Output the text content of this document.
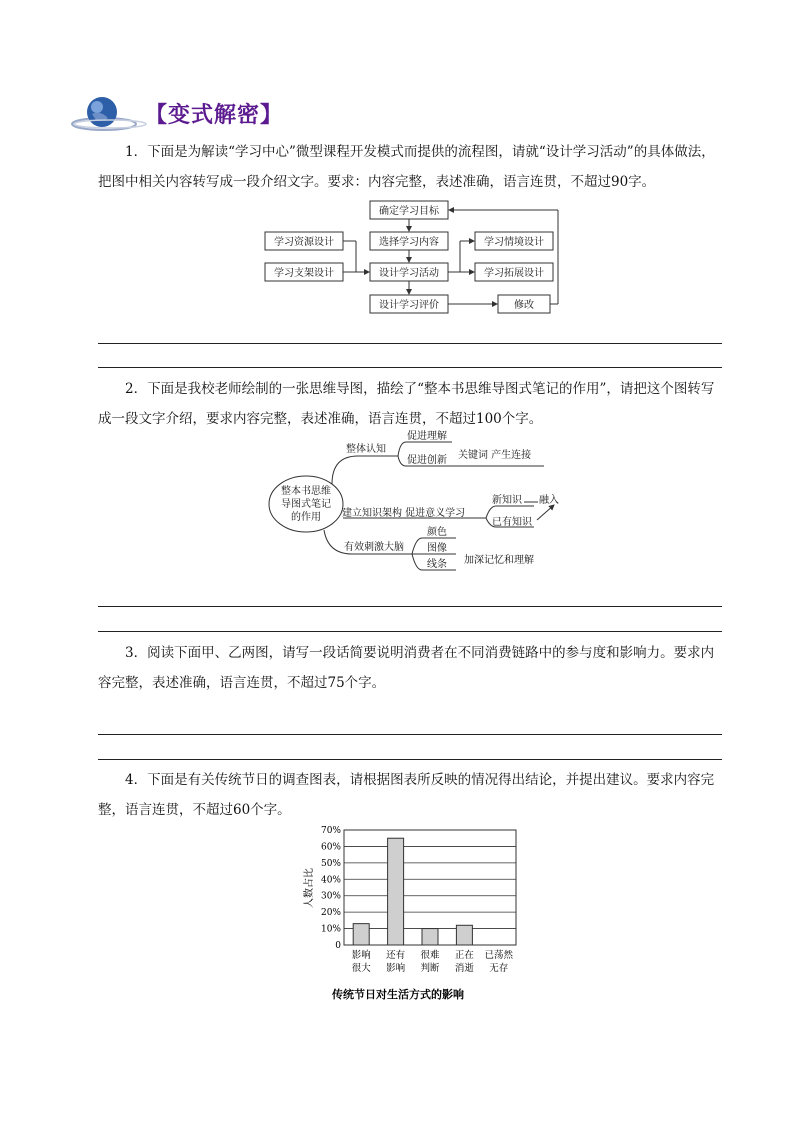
【变式解密】
1．下面是为解读“学习中心”微型课程开发模式而提供的流程图，请就“设计学习活动”的具体做法，把图中相关内容转写成一段介绍文字。要求：内容完整，表述准确，语言连贯，不超过90字。
确定学习目标
选择学习内容
设计学习活动
设计学习评价
学习资源设计
学习支架设计
学习情境设计
学习拓展设计
修改
2．下面是我校老师绘制的一张思维导图，描绘了“整本书思维导图式笔记的作用”，请把这个图转写成一段文字介绍，要求内容完整，表述准确，语言连贯，不超过100个字。
整本书思维
导图式笔记
的作用
整体认知
促进理解
促进创新 关键词 产生连接
建立知识架构 促进意义学习
新知识 融入
已有知识
有效刺激大脑
颜色
图像
线条 加深记忆和理解
3．阅读下面甲、乙两图，请写一段话简要说明消费者在不同消费链路中的参与度和影响力。要求内容完整，表述准确，语言连贯，不超过75个字。
4．下面是有关传统节日的调查图表，请根据图表所反映的情况得出结论，并提出建议。要求内容完整，语言连贯，不超过60个字。
人数占比
0
10%
20%
30%
40%
50%
60%
70%
影响
很大
还有
影响
很难
判断
正在
消逝
已荡然
无存
传统节日对生活方式的影响
